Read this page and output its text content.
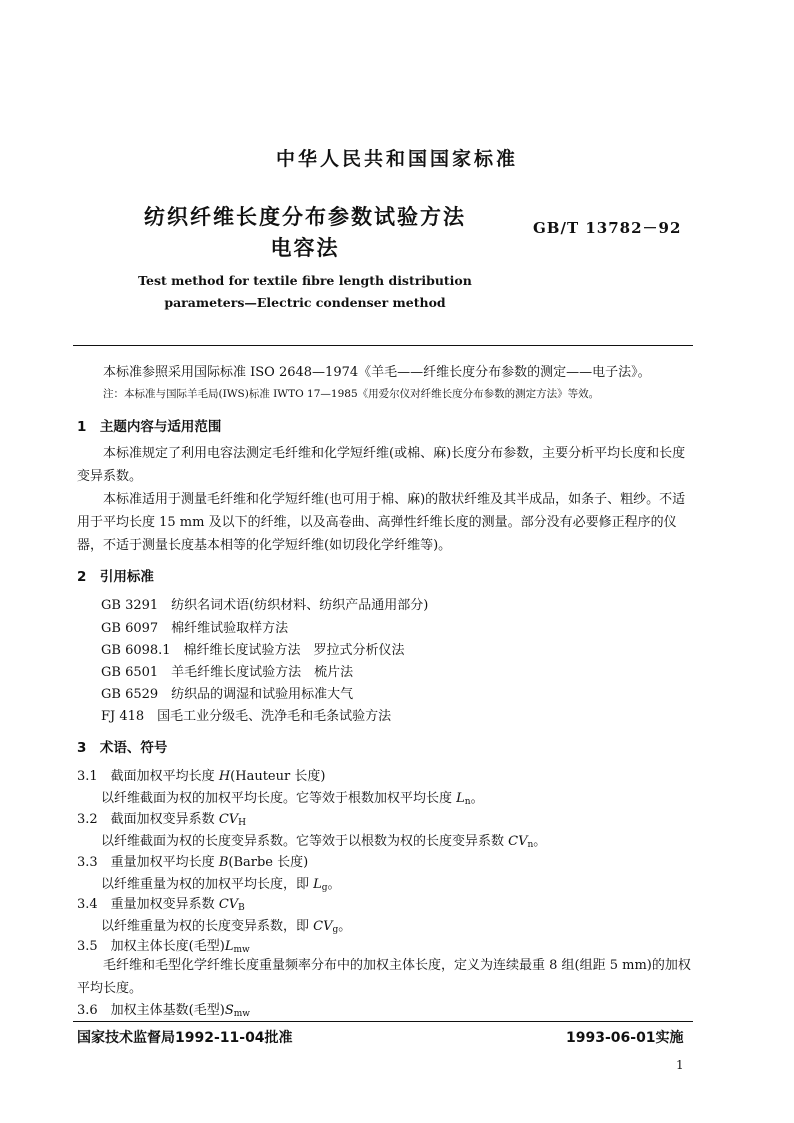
中华人民共和国国家标准
纺织纤维长度分布参数试验方法
电容法
GB/T 13782－92
Test method for textile fibre length distribution
parameters—Electric condenser method
本标准参照采用国际标准 ISO 2648—1974《羊毛——纤维长度分布参数的测定——电子法》。
注：本标准与国际羊毛局(IWS)标准 IWTO 17—1985《用爱尔仪对纤维长度分布参数的测定方法》等效。
1　主题内容与适用范围

本标准规定了利用电容法测定毛纤维和化学短纤维(或棉、麻)长度分布参数，主要分析平均长度和长度变异系数。

本标准适用于测量毛纤维和化学短纤维(也可用于棉、麻)的散状纤维及其半成品，如条子、粗纱。不适用于平均长度 15 mm 及以下的纤维，以及高卷曲、高弹性纤维长度的测量。部分没有必要修正程序的仪器，不适于测量长度基本相等的化学短纤维(如切段化学纤维等)。

2　引用标准
GB 3291　纺织名词术语(纺织材料、纺织产品通用部分)
GB 6097　棉纤维试验取样方法
GB 6098.1　棉纤维长度试验方法　罗拉式分析仪法
GB 6501　羊毛纤维长度试验方法　梳片法
GB 6529　纺织品的调湿和试验用标准大气
FJ 418　国毛工业分级毛、洗净毛和毛条试验方法
3　术语、符号
3.1　截面加权平均长度 H(Hauteur 长度)
以纤维截面为权的加权平均长度。它等效于根数加权平均长度 $L_n$。
3.2　截面加权变异系数 $CV_H$
以纤维截面为权的长度变异系数。它等效于以根数为权的长度变异系数 $CV_n$。
3.3　重量加权平均长度 B(Barbe 长度)
以纤维重量为权的加权平均长度，即 $L_g$。
3.4　重量加权变异系数 $CV_B$
以纤维重量为权的长度变异系数，即 $CV_g$。
3.5　加权主体长度(毛型)$L_{mw}$

毛纤维和毛型化学纤维长度重量频率分布中的加权主体长度，定义为连续最重 8 组(组距 5 mm)的加权平均长度。

3.6　加权主体基数(毛型)$S_{mw}$
国家技术监督局1992-11-04批准	1993-06-01实施
1
